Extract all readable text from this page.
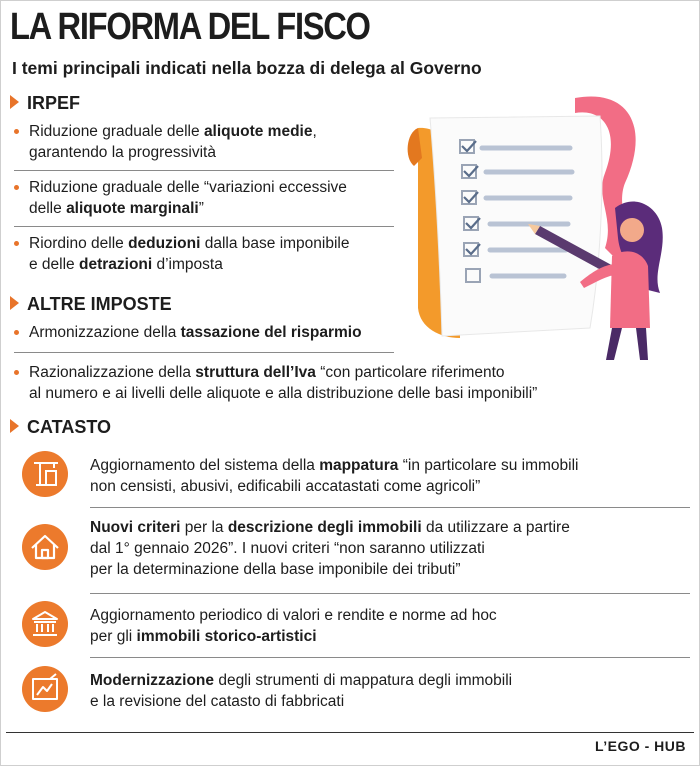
LA RIFORMA DEL FISCO
I temi principali indicati nella bozza di delega al Governo
IRPEF
Riduzione graduale delle aliquote medie,
garantendo la progressività
Riduzione graduale delle “variazioni eccessive
delle aliquote marginali”
Riordino delle deduzioni dalla base imponibile
e delle detrazioni d’imposta
ALTRE IMPOSTE
Armonizzazione della tassazione del risparmio
Razionalizzazione della struttura dell’Iva “con particolare riferimento
al numero e ai livelli delle aliquote e alla distribuzione delle basi imponibili”
CATASTO
Aggiornamento del sistema della mappatura “in particolare su immobili
non censisti, abusivi, edificabili accatastati come agricoli”
Nuovi criteri per la descrizione degli immobili da utilizzare a partire
dal 1° gennaio 2026”. I nuovi criteri “non saranno utilizzati
per la determinazione della base imponibile dei tributi”
Aggiornamento periodico di valori e rendite e norme ad hoc
per gli immobili storico-artistici
Modernizzazione degli strumenti di mappatura degli immobili
e la revisione del catasto di fabbricati
L’EGO - HUB
